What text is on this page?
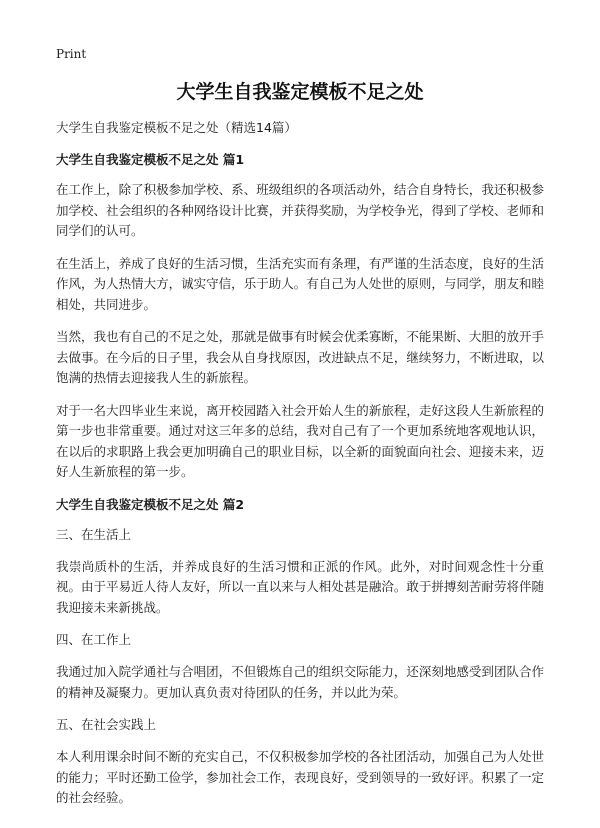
Print
大学生自我鉴定模板不足之处

大学生自我鉴定模板不足之处（精选14篇）

大学生自我鉴定模板不足之处 篇1

在工作上，除了积极参加学校、系、班级组织的各项活动外，结合自身特长，我还积极参加学校、社会组织的各种网络设计比赛，并获得奖励，为学校争光，得到了学校、老师和同学们的认可。

在生活上，养成了良好的生活习惯，生活充实而有条理，有严谨的生活态度，良好的生活作风，为人热情大方，诚实守信，乐于助人。有自己为人处世的原则，与同学，朋友和睦相处，共同进步。

当然，我也有自己的不足之处，那就是做事有时候会优柔寡断，不能果断、大胆的放开手去做事。在今后的日子里，我会从自身找原因，改进缺点不足，继续努力，不断进取，以饱满的热情去迎接我人生的新旅程。

对于一名大四毕业生来说，离开校园踏入社会开始人生的新旅程，走好这段人生新旅程的第一步也非常重要。通过对这三年多的总结，我对自己有了一个更加系统地客观地认识，在以后的求职路上我会更加明确自己的职业目标，以全新的面貌面向社会、迎接未来，迈好人生新旅程的第一步。

大学生自我鉴定模板不足之处 篇2

三、在生活上

我崇尚质朴的生活，并养成良好的生活习惯和正派的作风。此外，对时间观念性十分重视。由于平易近人待人友好，所以一直以来与人相处甚是融洽。敢于拼搏刻苦耐劳将伴随我迎接未来新挑战。

四、在工作上

我通过加入院学通社与合唱团，不但锻炼自己的组织交际能力，还深刻地感受到团队合作的精神及凝聚力。更加认真负责对待团队的任务，并以此为荣。

五、在社会实践上

本人利用课余时间不断的充实自己，不仅积极参加学校的各社团活动，加强自己为人处世的能力；平时还勤工俭学，参加社会工作，表现良好，受到领导的一致好评。积累了一定的社会经验。
